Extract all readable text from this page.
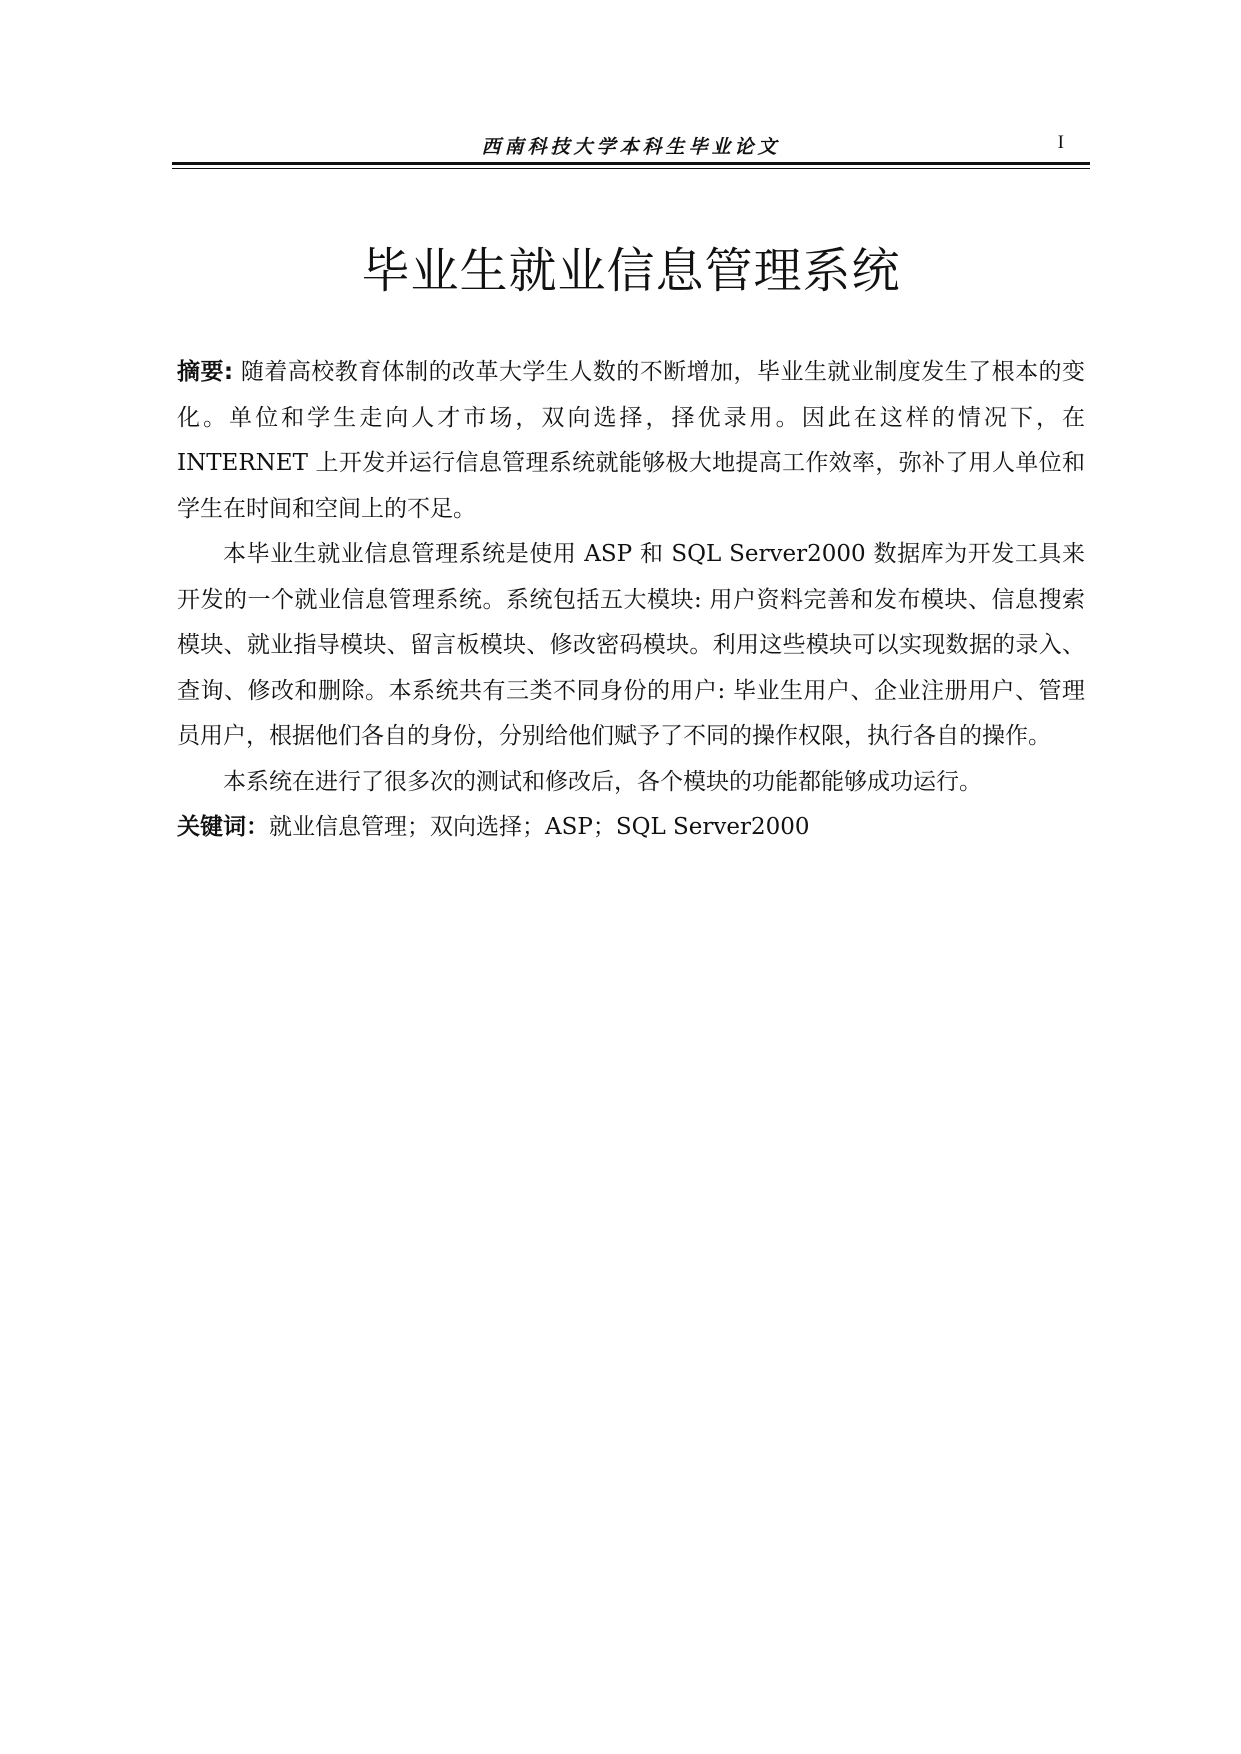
西南科技大学本科生毕业论文	I
毕业生就业信息管理系统

摘要: 随着高校教育体制的改革大学生人数的不断增加，毕业生就业制度发生了根本的变化。单位和学生走向人才市场，双向选择，择优录用。因此在这样的情况下，在 INTERNET 上开发并运行信息管理系统就能够极大地提高工作效率，弥补了用人单位和学生在时间和空间上的不足。

本毕业生就业信息管理系统是使用 ASP 和 SQL Server2000 数据库为开发工具来开发的一个就业信息管理系统。系统包括五大模块: 用户资料完善和发布模块、信息搜索模块、就业指导模块、留言板模块、修改密码模块。利用这些模块可以实现数据的录入、查询、修改和删除。本系统共有三类不同身份的用户: 毕业生用户、企业注册用户、管理员用户，根据他们各自的身份，分别给他们赋予了不同的操作权限，执行各自的操作。

本系统在进行了很多次的测试和修改后，各个模块的功能都能够成功运行。

关键词：就业信息管理；双向选择；ASP；SQL Server2000
